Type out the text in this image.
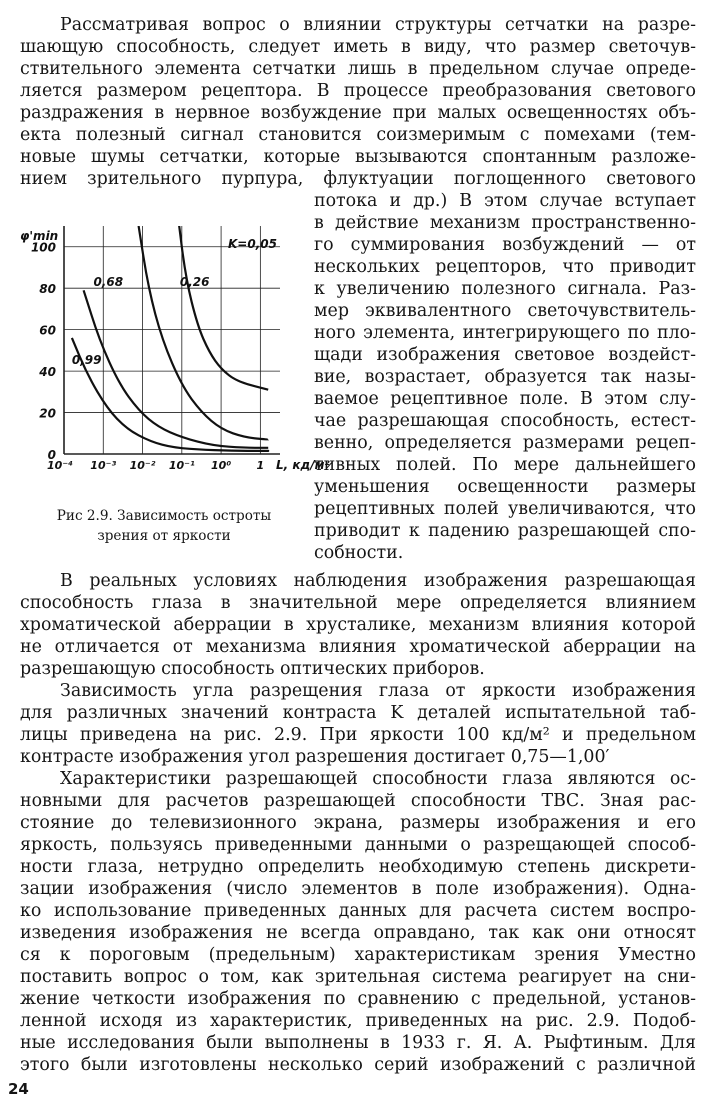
Рассматривая вопрос о влиянии структуры сетчатки на разре-
шающую способность, следует иметь в виду, что размер светочув-
ствительного элемента сетчатки лишь в предельном случае опреде-
ляется размером рецептора. В процессе преобразования светового
раздражения в нервное возбуждение при малых освещенностях объ-
екта полезный сигнал становится соизмеримым с помехами (тем-
новые шумы сетчатки, которые вызываются спонтанным разложе-
нием зрительного пурпура, флуктуации поглощенного светового
потока и др.) В этом случае вступает
в действие механизм пространственно-
го суммирования возбуждений — от
нескольких рецепторов, что приводит
к увеличению полезного сигнала. Раз-
мер эквивалентного светочувствитель-
ного элемента, интегрирующего по пло-
щади изображения световое воздейст-
вие, возрастает, образуется так назы-
ваемое рецептивное поле. В этом слу-
чае разрешающая способность, естест-
венно, определяется размерами рецеп-
тивных полей. По мере дальнейшего
уменьшения освещенности размеры
рецептивных полей увеличиваются, что
приводит к падению разрешающей спо-
собности.
0
20
40
60
80
100
10⁻⁴ 10⁻³ 10⁻² 10⁻¹ 10⁰ 1
φ'min
L, кд/м²
K=0,05
0,26
0,68
0,99
Рис 2.9. Зависимость остроты
зрения от яркости
В реальных условиях наблюдения изображения разрешающая
способность глаза в значительной мере определяется влиянием
хроматической аберрации в хрусталике, механизм влияния которой
не отличается от механизма влияния хроматической аберрации на
разрешающую способность оптических приборов.
Зависимость угла разрещения глаза от яркости изображения
для различных значений контраста K деталей испытательной таб-
лицы приведена на рис. 2.9. При яркости 100 кд/м² и предельном
контрасте изображения угол разрешения достигает 0,75—1,00′
Характеристики разрешающей способности глаза являются ос-
новными для расчетов разрешающей способности ТВС. Зная рас-
стояние до телевизионного экрана, размеры изображения и его
яркость, пользуясь приведенными данными о разрещающей способ-
ности глаза, нетрудно определить необходимую степень дискрети-
зации изображения (число элементов в поле изображения). Одна-
ко использование приведенных данных для расчета систем воспро-
изведения изображения не всегда оправдано, так как они относят
ся к пороговым (предельным) характеристикам зрения Уместно
поставить вопрос о том, как зрительная система реагирует на сни-
жение четкости изображения по сравнению с предельной, установ-
ленной исходя из характеристик, приведенных на рис. 2.9. Подоб-
ные исследования были выполнены в 1933 г. Я. А. Рыфтиным. Для
этого были изготовлены несколько серий изображений с различной
24
